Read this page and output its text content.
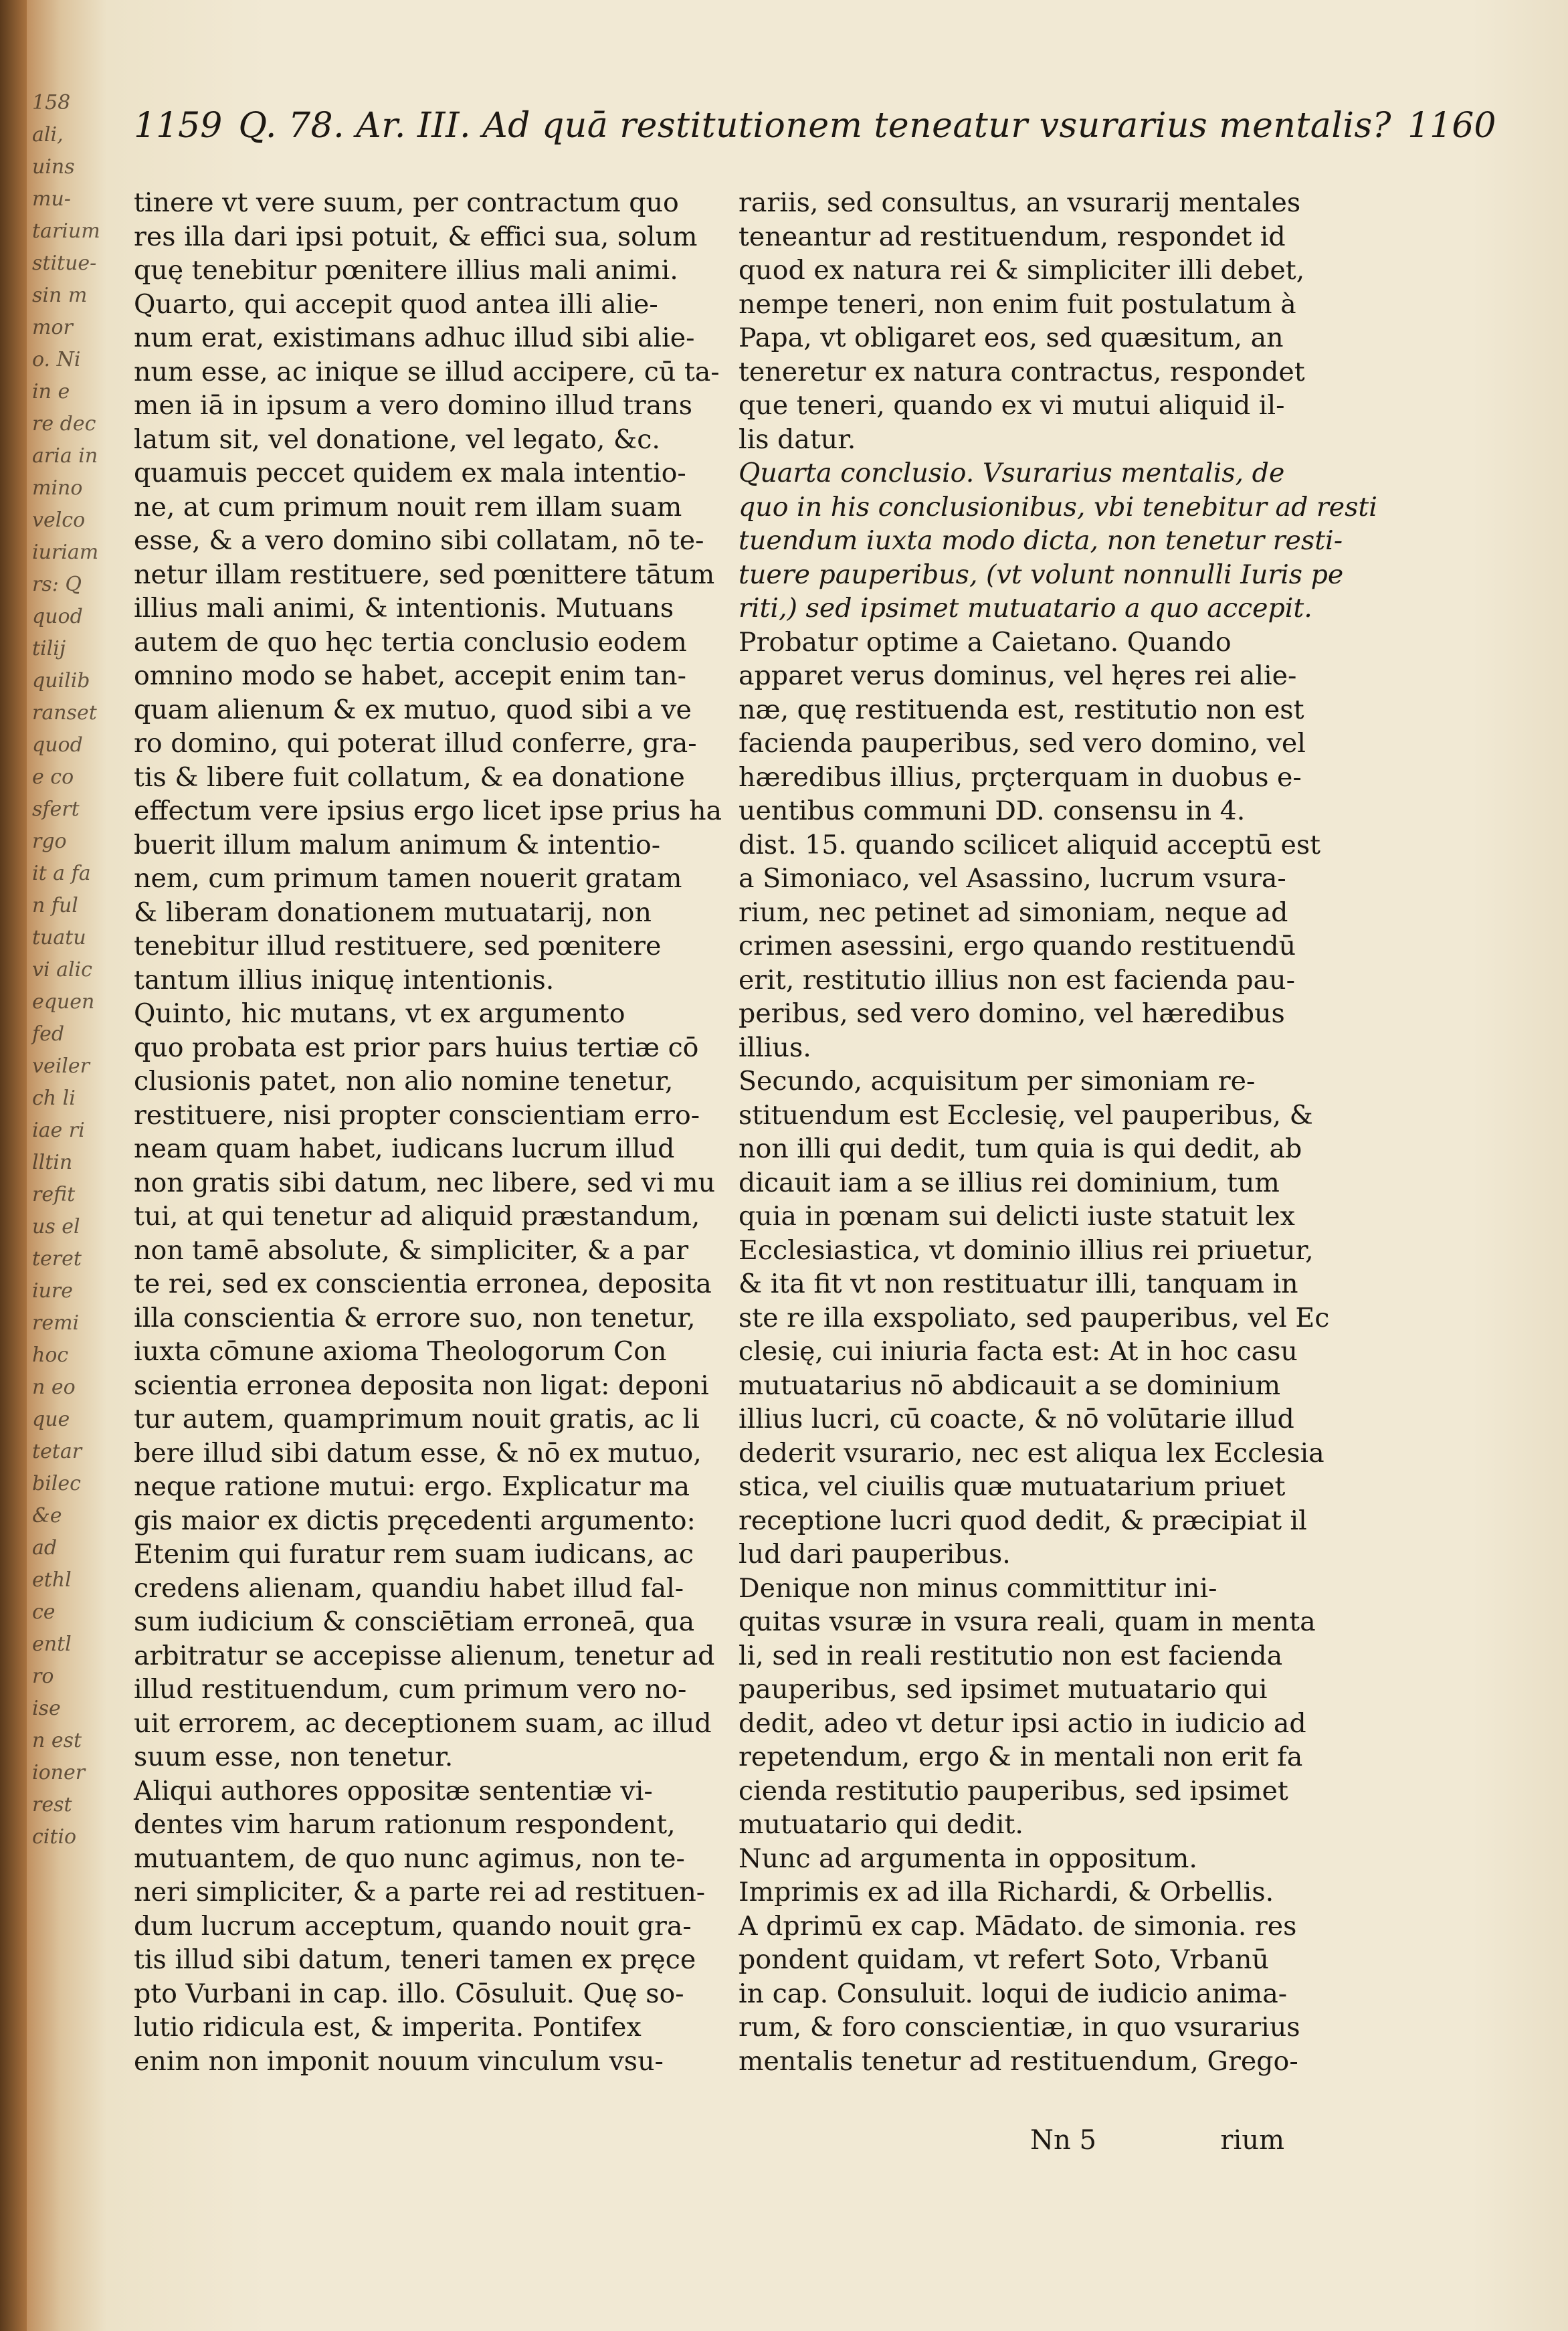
158
ali,
uins
mu-
tarium
stitue-
sin m
mor
o. Ni
in e
re dec
aria in
mino
velco
iuriam
rs: Q
quod
tilij
quilib
ranset
quod
e co
sfert
rgo
it a fa
n ful
tuatu
vi alic
equen
fed
veiler
ch li
iae ri
lltin
refit
us el
teret
iure
remi
hoc
n eo
que
tetar
bilec
&e
ad
ethl
ce
entl
ro
ise
n est
ioner
rest
citio
1159 Q. 78. Ar. III. Ad quā restitutionem teneatur vsurarius mentalis? 1160
tinere vt vere suum, per contractum quo
res illa dari ipsi potuit, & effici sua, solum
quę tenebitur pœnitere illius mali animi.
Quarto, qui accepit quod antea illi alie-
num erat, existimans adhuc illud sibi alie-
num esse, ac inique se illud accipere, cū ta-
men iā in ipsum a vero domino illud trans
latum sit, vel donatione, vel legato, &c.
quamuis peccet quidem ex mala intentio-
ne, at cum primum nouit rem illam suam
esse, & a vero domino sibi collatam, nō te-
netur illam restituere, sed pœnittere tātum
illius mali animi, & intentionis. Mutuans
autem de quo hęc tertia conclusio eodem
omnino modo se habet, accepit enim tan-
quam alienum & ex mutuo, quod sibi a ve
ro domino, qui poterat illud conferre, gra-
tis & libere fuit collatum, & ea donatione
effectum vere ipsius ergo licet ipse prius ha
buerit illum malum animum & intentio-
nem, cum primum tamen nouerit gratam
& liberam donationem mutuatarij, non
tenebitur illud restituere, sed pœnitere
tantum illius iniquę intentionis.
Quinto, hic mutans, vt ex argumento
quo probata est prior pars huius tertiæ cō
clusionis patet, non alio nomine tenetur,
restituere, nisi propter conscientiam erro-
neam quam habet, iudicans lucrum illud
non gratis sibi datum, nec libere, sed vi mu
tui, at qui tenetur ad aliquid præstandum,
non tamē absolute, & simpliciter, & a par
te rei, sed ex conscientia erronea, deposita
illa conscientia & errore suo, non tenetur,
iuxta cōmune axioma Theologorum Con
scientia erronea deposita non ligat: deponi
tur autem, quamprimum nouit gratis, ac li
bere illud sibi datum esse, & nō ex mutuo,
neque ratione mutui: ergo. Explicatur ma
gis maior ex dictis pręcedenti argumento:
Etenim qui furatur rem suam iudicans, ac
credens alienam, quandiu habet illud fal-
sum iudicium & consciētiam erroneā, qua
arbitratur se accepisse alienum, tenetur ad
illud restituendum, cum primum vero no-
uit errorem, ac deceptionem suam, ac illud
suum esse, non tenetur.
Aliqui authores oppositæ sententiæ vi-
dentes vim harum rationum respondent,
mutuantem, de quo nunc agimus, non te-
neri simpliciter, & a parte rei ad restituen-
dum lucrum acceptum, quando nouit gra-
tis illud sibi datum, teneri tamen ex pręce
pto Vurbani in cap. illo. Cōsuluit. Quę so-
lutio ridicula est, & imperita. Pontifex
enim non imponit nouum vinculum vsu-
rariis, sed consultus, an vsurarij mentales
teneantur ad restituendum, respondet id
quod ex natura rei & simpliciter illi debet,
nempe teneri, non enim fuit postulatum à
Papa, vt obligaret eos, sed quæsitum, an
teneretur ex natura contractus, respondet
que teneri, quando ex vi mutui aliquid il-
lis datur.
Quarta conclusio. Vsurarius mentalis, de
quo in his conclusionibus, vbi tenebitur ad resti
tuendum iuxta modo dicta, non tenetur resti-
tuere pauperibus, (vt volunt nonnulli Iuris pe
riti,) sed ipsimet mutuatario a quo accepit.
Probatur optime a Caietano. Quando
apparet verus dominus, vel hęres rei alie-
næ, quę restituenda est, restitutio non est
facienda pauperibus, sed vero domino, vel
hæredibus illius, prçterquam in duobus e-
uentibus communi DD. consensu in 4.
dist. 15. quando scilicet aliquid acceptū est
a Simoniaco, vel Asassino, lucrum vsura-
rium, nec petinet ad simoniam, neque ad
crimen asessini, ergo quando restituendū
erit, restitutio illius non est facienda pau-
peribus, sed vero domino, vel hæredibus
illius.
Secundo, acquisitum per simoniam re-
stituendum est Ecclesię, vel pauperibus, &
non illi qui dedit, tum quia is qui dedit, ab
dicauit iam a se illius rei dominium, tum
quia in pœnam sui delicti iuste statuit lex
Ecclesiastica, vt dominio illius rei priuetur,
& ita fit vt non restituatur illi, tanquam in
ste re illa exspoliato, sed pauperibus, vel Ec
clesię, cui iniuria facta est: At in hoc casu
mutuatarius nō abdicauit a se dominium
illius lucri, cū coacte, & nō volūtarie illud
dederit vsurario, nec est aliqua lex Ecclesia
stica, vel ciuilis quæ mutuatarium priuet
receptione lucri quod dedit, & præcipiat il
lud dari pauperibus.
Denique non minus committitur ini-
quitas vsuræ in vsura reali, quam in menta
li, sed in reali restitutio non est facienda
pauperibus, sed ipsimet mutuatario qui
dedit, adeo vt detur ipsi actio in iudicio ad
repetendum, ergo & in mentali non erit fa
cienda restitutio pauperibus, sed ipsimet
mutuatario qui dedit.
Nunc ad argumenta in oppositum.
Imprimis ex ad illa Richardi, & Orbellis.
A dprimū ex cap. Mādato. de simonia. res
pondent quidam, vt refert Soto, Vrbanū
in cap. Consuluit. loqui de iudicio anima-
rum, & foro conscientiæ, in quo vsurarius
mentalis tenetur ad restituendum, Grego-
Nn 5	rium
